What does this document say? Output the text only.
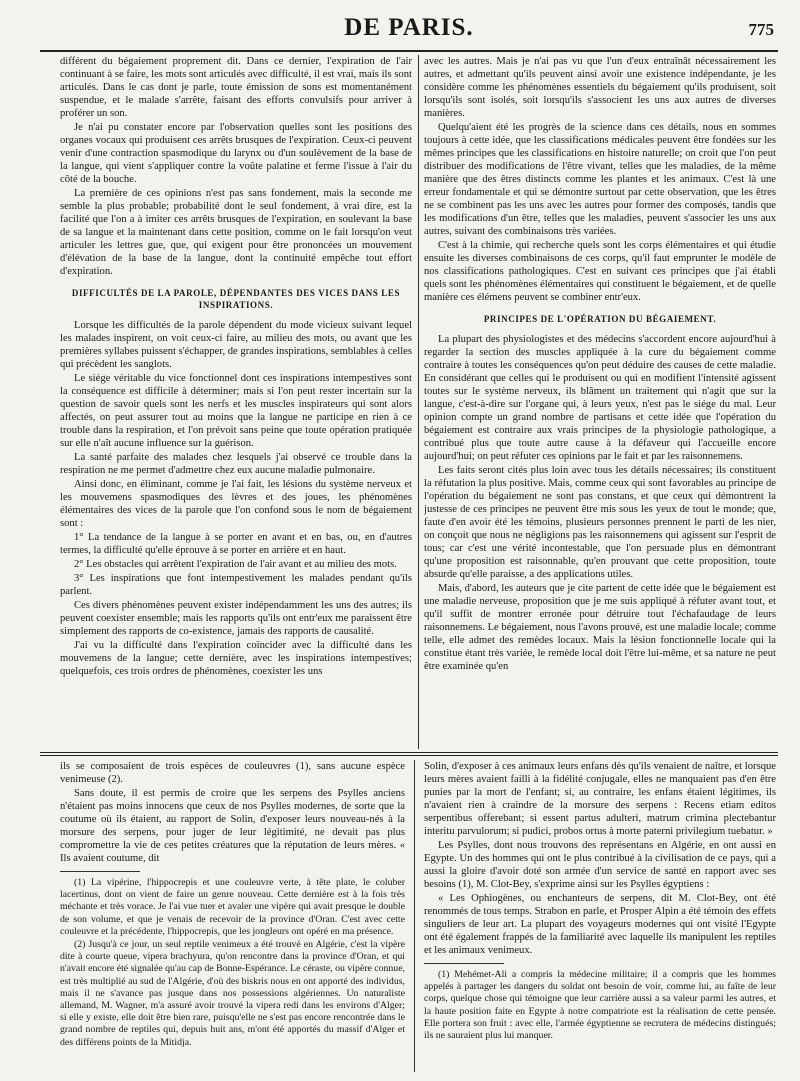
DE PARIS.	775

différent du bégaiement proprement dit. Dans ce dernier, l'expiration de l'air continuant à se faire, les mots sont articulés avec difficulté, il est vrai, mais ils sont articulés. Dans le cas dont je parle, toute émission de sons est momentanément suspendue, et le malade s'arrête, faisant des efforts convulsifs pour arriver à proférer un son.

Je n'ai pu constater encore par l'observation quelles sont les positions des organes vocaux qui produisent ces arrêts brusques de l'expiration. Ceux-ci peuvent venir d'une contraction spasmodique du larynx ou d'un soulèvement de la base de la langue, qui vient s'appliquer contre la voûte palatine et ferme l'issue à l'air du côté de la bouche.

La première de ces opinions n'est pas sans fondement, mais la seconde me semble la plus probable; probabilité dont le seul fondement, à vrai dire, est la facilité que l'on a à imiter ces arrêts brusques de l'expiration, en soulevant la base de sa langue et la maintenant dans cette position, comme on le fait lorsqu'on veut articuler les lettres gue, que, qui exigent pour être prononcées un mouvement d'élévation de la base de la langue, dont la continuité empêche tout effort d'expiration.

DIFFICULTÉS DE LA PAROLE, DÉPENDANTES DES VICES DANS LES INSPIRATIONS.

Lorsque les difficultés de la parole dépendent du mode vicieux suivant lequel les malades inspirent, on voit ceux-ci faire, au milieu des mots, ou avant que les premières syllabes puissent s'échapper, de grandes inspirations, semblables à celles qui précèdent les sanglots.

Le siége véritable du vice fonctionnel dont ces inspirations intempestives sont la conséquence est difficile à déterminer; mais si l'on peut rester incertain sur la question de savoir quels sont les nerfs et les muscles inspirateurs qui sont alors affectés, on peut assurer tout au moins que la langue ne participe en rien à ce trouble dans la respiration, et l'on prévoit sans peine que toute opération pratiquée sur elle n'aît aucune influence sur la guérison.

La santé parfaite des malades chez lesquels j'ai observé ce trouble dans la respiration ne me permet d'admettre chez eux aucune maladie pulmonaire.

Ainsi donc, en éliminant, comme je l'ai fait, les lésions du système nerveux et les mouvemens spasmodiques des lèvres et des joues, les phénomènes élémentaires des vices de la parole que l'on confond sous le nom de bégaiement sont :

1° La tendance de la langue à se porter en avant et en bas, ou, en d'autres termes, la difficulté qu'elle éprouve à se porter en arrière et en haut.

2° Les obstacles qui arrêtent l'expiration de l'air avant et au milieu des mots.

3° Les inspirations que font intempestivement les malades pendant qu'ils parlent.

Ces divers phénomènes peuvent exister indépendamment les uns des autres; ils peuvent coexister ensemble; mais les rapports qu'ils ont entr'eux me paraissent être simplement des rapports de co-existence, jamais des rapports de causalité.

J'ai vu la difficulté dans l'expiration coïncider avec la difficulté dans les mouvemens de la langue; cette dernière, avec les inspirations intempestives; quelquefois, ces trois ordres de phénomènes, coexister les uns

avec les autres. Mais je n'ai pas vu que l'un d'eux entraînât nécessairement les autres, et admettant qu'ils peuvent ainsi avoir une existence indépendante, je les considère comme les phénomènes essentiels du bégaiement qu'ils produisent, soit lorsqu'ils sont isolés, soit lorsqu'ils s'associent les uns aux autres de diverses manières.

Quelqu'aient été les progrès de la science dans ces détails, nous en sommes toujours à cette idée, que les classifications médicales peuvent être fondées sur les mêmes principes que les classifications en histoire naturelle; on croit que l'on peut distribuer des modifications de l'être vivant, telles que les maladies, de la même manière que des êtres distincts comme les plantes et les animaux. C'est là une erreur fondamentale et qui se démontre surtout par cette observation, que les êtres ne se combinent pas les uns avec les autres pour former des composés, tandis que les modifications d'un être, telles que les maladies, peuvent s'associer les uns aux autres, suivant des combinaisons très variées.

C'est à la chimie, qui recherche quels sont les corps élémentaires et qui étudie ensuite les diverses combinaisons de ces corps, qu'il faut emprunter le modèle de nos classifications pathologiques. C'est en suivant ces principes que j'ai établi quels sont les phénomènes élémentaires qui constituent le bégaiement, et de quelle manière ces élémens peuvent se combiner entr'eux.

PRINCIPES DE L'OPÉRATION DU BÉGAIEMENT.

La plupart des physiologistes et des médecins s'accordent encore aujourd'hui à regarder la section des muscles appliquée à la cure du bégaiement comme contraire à toutes les conséquences qu'on peut déduire des causes de cette maladie. En considérant que celles qui le produisent ou qui en modifient l'intensité agissent toutes sur le système nerveux, ils blâment un traitement qui n'agit que sur la langue, c'est-à-dire sur l'organe qui, à leurs yeux, n'est pas le siége du mal. Leur opinion compte un grand nombre de partisans et cette idée que l'opération du bégaiement est contraire aux vrais principes de la physiologie pathologique, a contribué plus que toute autre cause à la défaveur qui l'accueille encore aujourd'hui; on peut réfuter ces opinions par le fait et par les raisonnemens.

Les faits seront cités plus loin avec tous les détails nécessaires; ils constituent la réfutation la plus positive. Mais, comme ceux qui sont favorables au principe de l'opération du bégaiement ne sont pas constans, et que ceux qui démontrent la justesse de ces principes ne peuvent être mis sous les yeux de tout le monde; que, faute d'en avoir été les témoins, plusieurs personnes prennent le parti de les nier, on conçoit que nous ne négligions pas les raisonnemens qui agissent sur l'esprit de tous; car c'est une vérité incontestable, que l'on persuade plus en démontrant qu'une proposition est raisonnable, qu'en prouvant que cette proposition, toute absurde qu'elle paraisse, a des applications utiles.

Mais, d'abord, les auteurs que je cite partent de cette idée que le bégaiement est une maladie nerveuse, proposition que je me suis appliqué à réfuter avant tout, et qu'il suffit de montrer erronée pour détruire tout l'échafaudage de leurs raisonnemens. Le bégaiement, nous l'avons prouvé, est une maladie locale; comme telle, elle admet des remèdes locaux. Mais la lésion fonctionnelle locale qui la constitue étant très variée, le remède local doit l'être lui-même, et sa nature ne peut être examinée qu'en

ils se composaient de trois espèces de couleuvres (1), sans aucune espèce venimeuse (2).

Sans doute, il est permis de croire que les serpens des Psylles anciens n'étaient pas moins innocens que ceux de nos Psylles modernes, de sorte que la coutume où ils étaient, au rapport de Solin, d'exposer leurs nouveau-nés à la morsure des serpens, pour juger de leur légitimité, ne devait pas plus compromettre la vie de ces petites créatures que la réputation de leurs mères. « Ils avaient coutume, dit

(1) La vipérine, l'hippocrepis et une couleuvre verte, à tête plate, le coluber lacertinus, dont on vient de faire un genre nouveau. Cette dernière est à la fois très méchante et très vorace. Je l'ai vue tuer et avaler une vipère qui avait presque le double de son volume, et que je venais de recevoir de la province d'Oran. C'est avec cette couleuvre et la précédente, l'hippocrepis, que les jongleurs ont opéré en ma présence.

(2) Jusqu'à ce jour, un seul reptile venimeux a été trouvé en Algérie, c'est la vipère dite à courte queue, vipera brachyura, qu'on rencontre dans la province d'Oran, et qui n'avait encore été signalée qu'au cap de Bonne-Espérance. Le céraste, ou vipère connue, est très multiplié au sud de l'Algérie, d'où des biskris nous en ont apporté des individus, mais il ne s'avance pas jusque dans nos possessions algériennes. Un naturaliste allemand, M. Wagner, m'a assuré avoir trouvé la vipera redi dans les environs d'Alger; si elle y existe, elle doit être bien rare, puisqu'elle ne s'est pas encore rencontrée dans le grand nombre de reptiles qui, depuis huit ans, m'ont été apportés du massif d'Alger et des différens points de la Mitidja.

Solin, d'exposer à ces animaux leurs enfans dès qu'ils venaient de naître, et lorsque leurs mères avaient failli à la fidélité conjugale, elles ne manquaient pas d'en être punies par la mort de l'enfant; si, au contraire, les enfans étaient légitimes, ils n'avaient rien à craindre de la morsure des serpens : Recens etiam editos serpentibus offerebant; si essent partus adulteri, matrum crimina plectebantur interitu parvulorum; si pudici, probos ortus à morte paterni privilegium tuebatur. »

Les Psylles, dont nous trouvons des représentans en Algérie, en ont aussi en Egypte. Un des hommes qui ont le plus contribué à la civilisation de ce pays, qui a aussi la gloire d'avoir doté son armée d'un service de santé en rapport avec ses besoins (1), M. Clot-Bey, s'exprime ainsi sur les Psylles égyptiens :

« Les Ophiogènes, ou enchanteurs de serpens, dit M. Clot-Bey, ont été renommés de tous temps. Strabon en parle, et Prosper Alpin a été témoin des effets singuliers de leur art. La plupart des voyageurs modernes qui ont visité l'Egypte ont été également frappés de la familiarité avec laquelle ils manipulent les reptiles et les animaux venimeux.

(1) Mehémet-Ali a compris la médecine militaire; il a compris que les hommes appelés à partager les dangers du soldat ont besoin de voir, comme lui, au faîte de leur corps, quelque chose qui témoigne que leur carrière aussi a sa valeur parmi les autres, et la haute position faite en Egypte à notre compatriote est la réalisation de cette pensée. Elle portera son fruit : avec elle, l'armée égyptienne se recrutera de médecins distingués; ils ne sauraient plus lui manquer.
